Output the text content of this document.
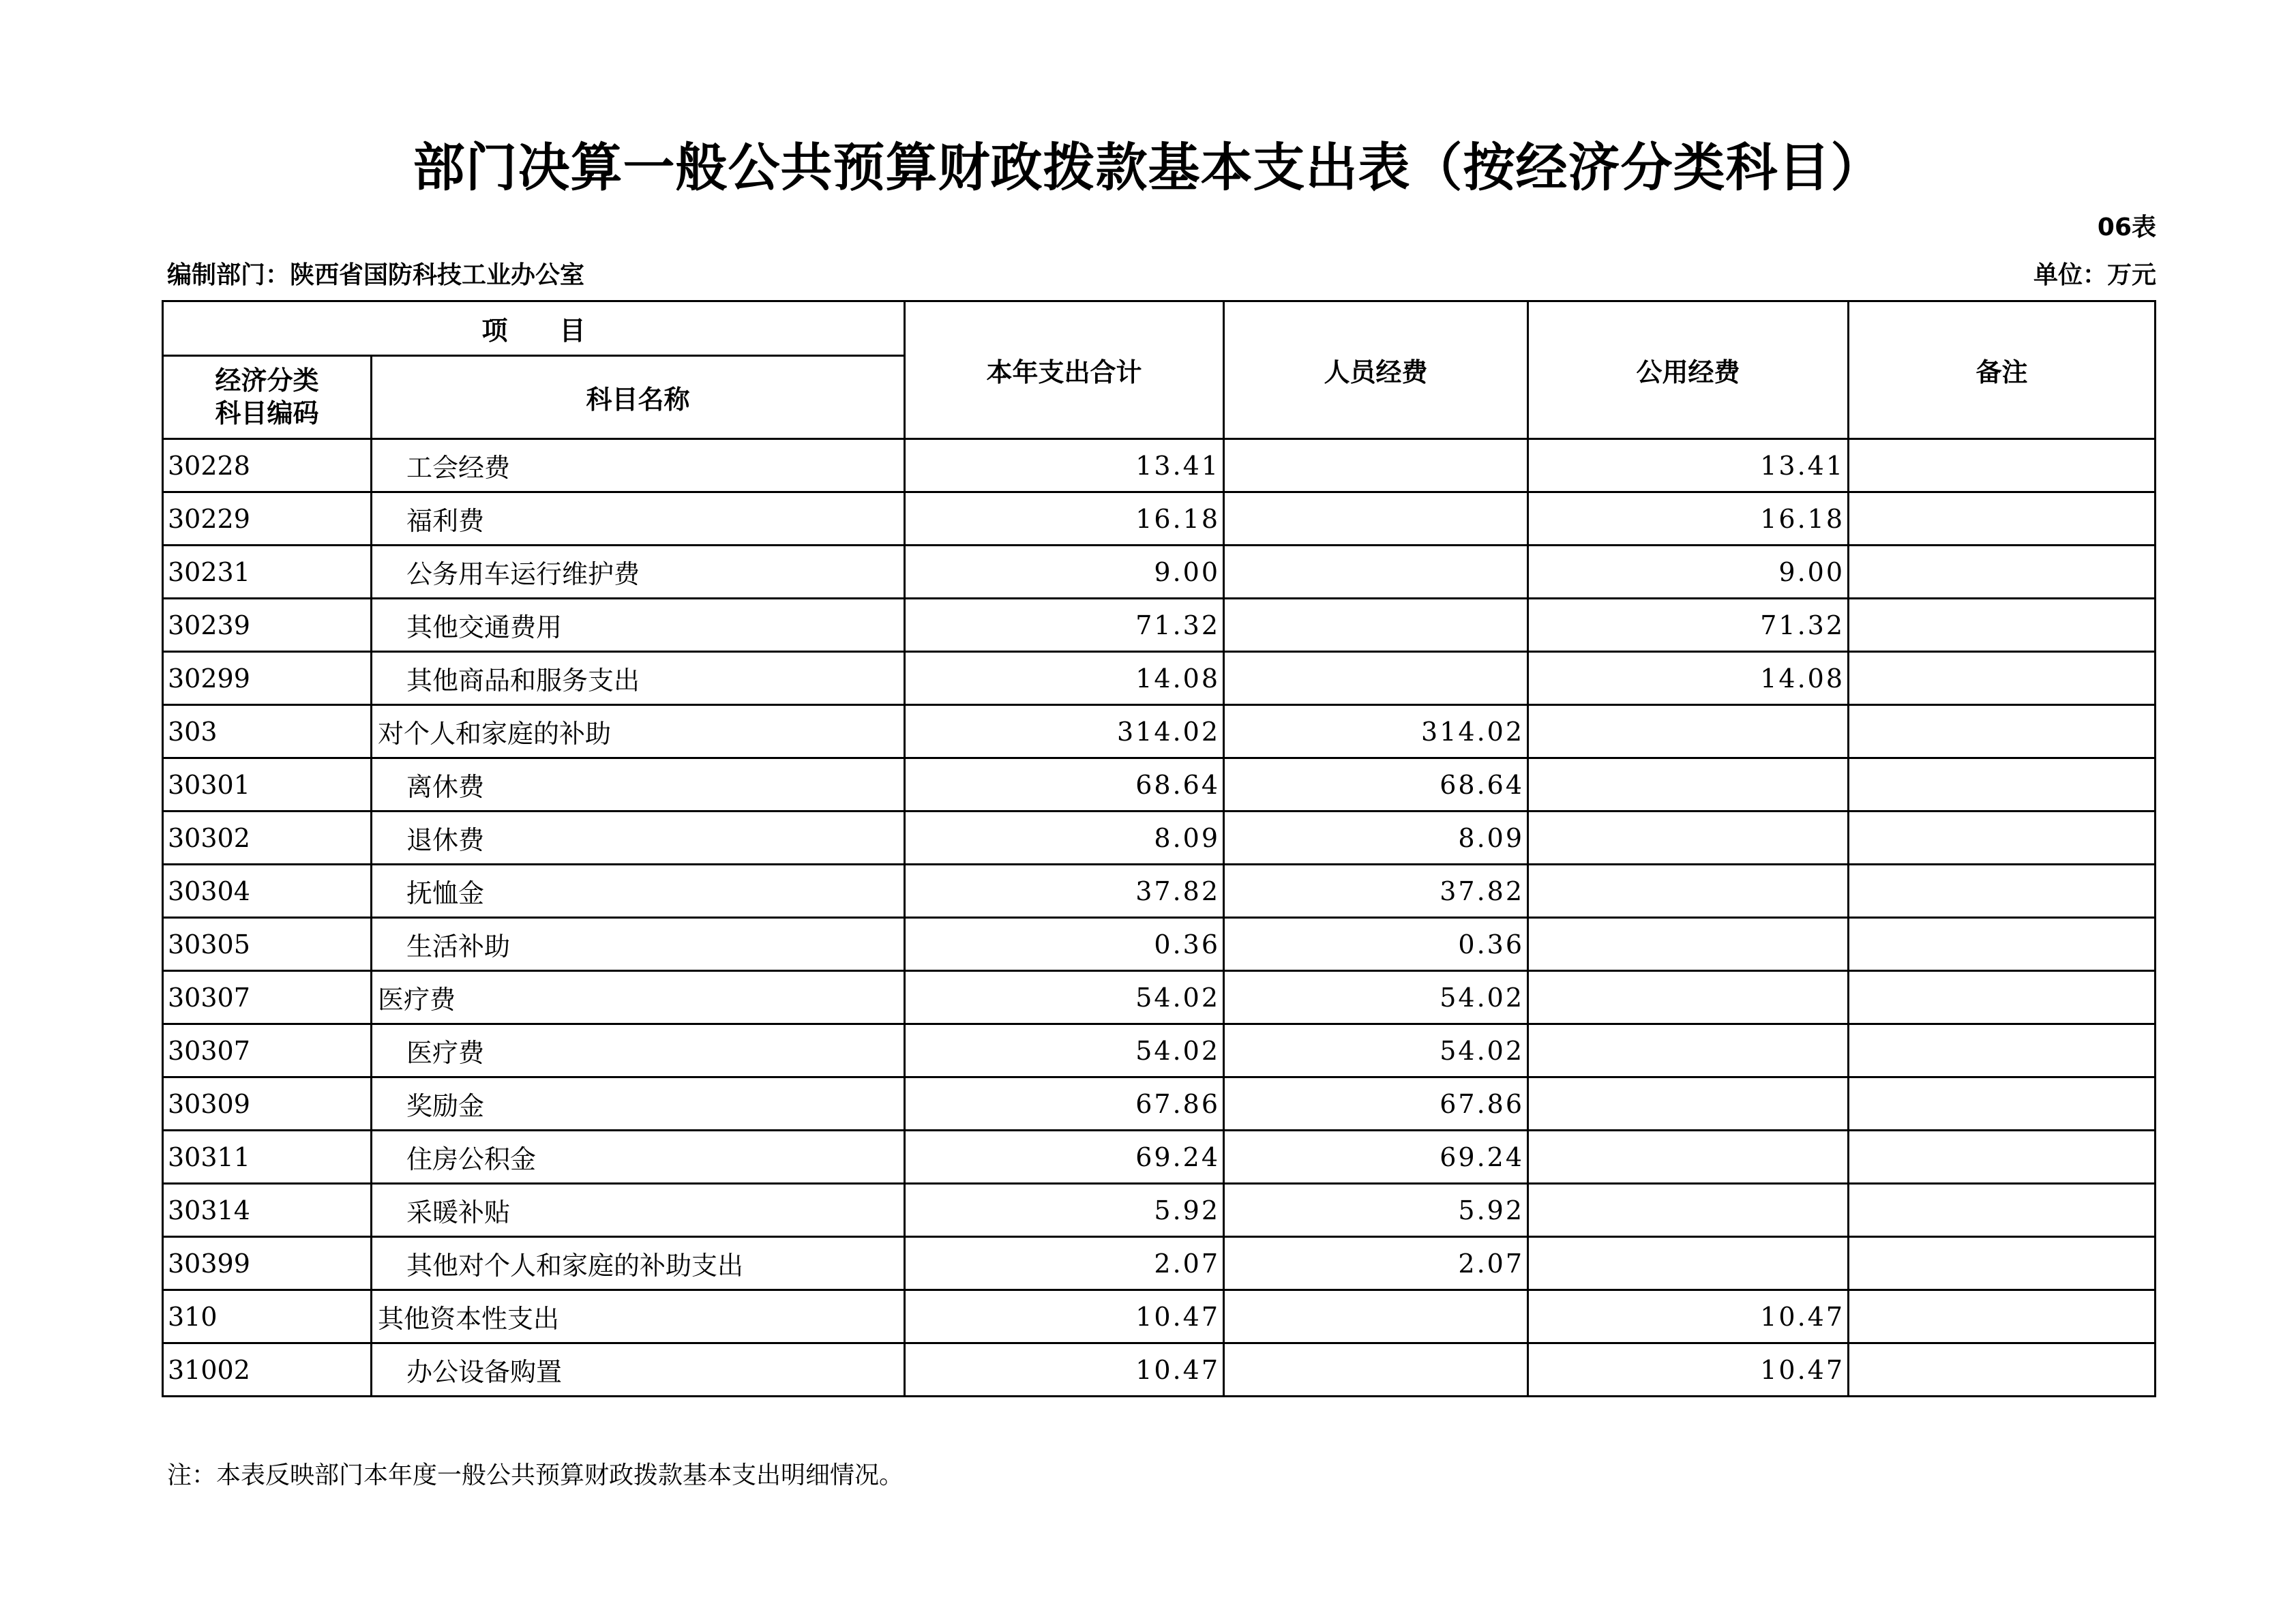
部门决算一般公共预算财政拨款基本支出表（按经济分类科目）
06表
编制部门：陕西省国防科技工业办公室	单位：万元
项　　目		本年支出合计	人员经费	公用经费	备注
经济分类
科目编码	科目名称				
30228	工会经费	13.41		13.41	
30229	福利费	16.18		16.18	
30231	公务用车运行维护费	9.00		9.00	
30239	其他交通费用	71.32		71.32	
30299	其他商品和服务支出	14.08		14.08	
303	对个人和家庭的补助	314.02	314.02		
30301	离休费	68.64	68.64		
30302	退休费	8.09	8.09		
30304	抚恤金	37.82	37.82		
30305	生活补助	0.36	0.36		
30307	医疗费	54.02	54.02		
30307	医疗费	54.02	54.02		
30309	奖励金	67.86	67.86		
30311	住房公积金	69.24	69.24		
30314	采暖补贴	5.92	5.92		
30399	其他对个人和家庭的补助支出	2.07	2.07		
310	其他资本性支出	10.47		10.47	
31002	办公设备购置	10.47		10.47	
注：本表反映部门本年度一般公共预算财政拨款基本支出明细情况。
